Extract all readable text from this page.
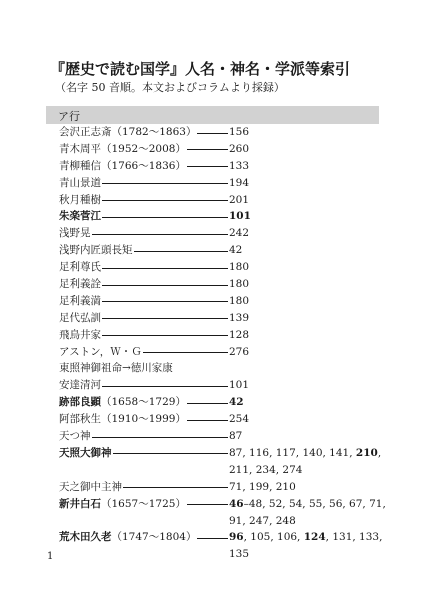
『歴史で読む国学』人名・神名・学派等索引
（名字 50 音順。本文およびコラムより採録）
ア行
会沢正志斎（1782～1863）	156
青木周平（1952～2008）	260
青柳種信（1766～1836）	133
青山景道	194
秋月種樹	201
朱楽菅江	101
浅野晃	242
浅野内匠頭長矩	42
足利尊氏	180
足利義詮	180
足利義満	180
足代弘訓	139
飛鳥井家	128
アストン，Ｗ・Ｇ	276
東照神御祖命→徳川家康
安達清河	101
跡部良顕（1658～1729）	42
阿部秋生（1910～1999）	254
天つ神	87
天照大御神	87, 116, 117, 140, 141, 210, 211, 234, 274
天之御中主神	71, 199, 210
新井白石（1657～1725）	46–48, 52, 54, 55, 56, 67, 71, 91, 247, 248
荒木田久老（1747～1804）	96, 105, 106, 124, 131, 133, 135
1
